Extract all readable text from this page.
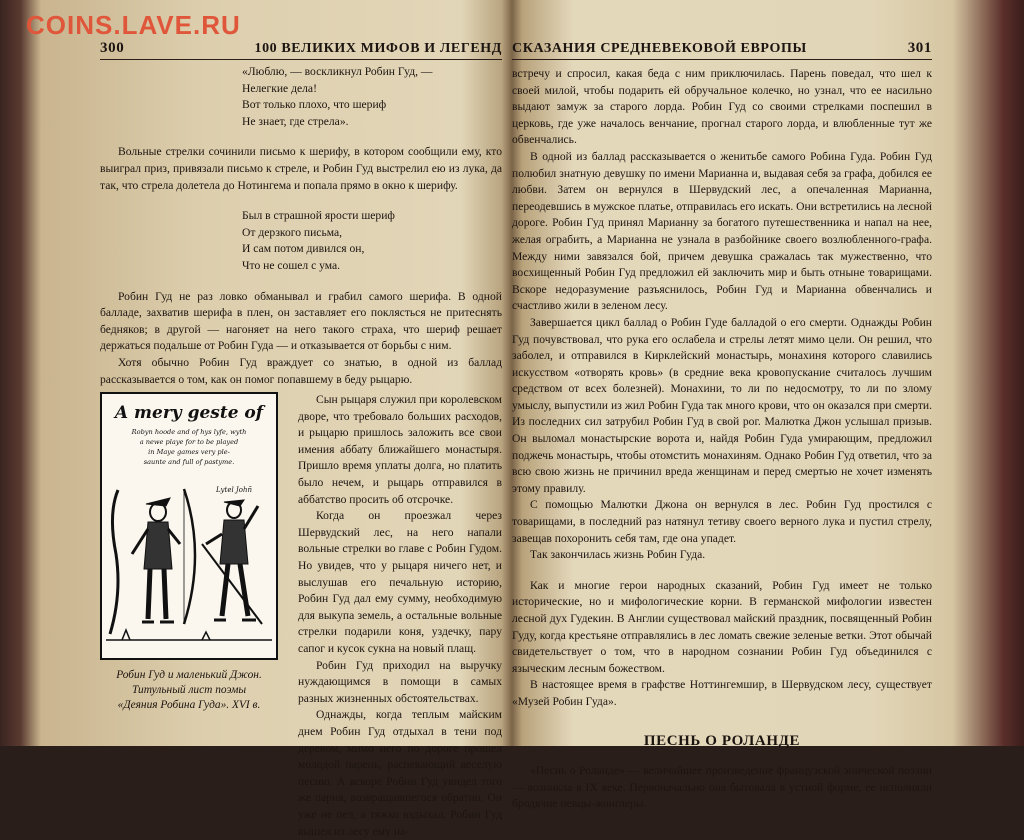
COINS.LAVE.RU
300	100 ВЕЛИКИХ МИФОВ И ЛЕГЕНД
«Люблю, — воскликнул Робин Гуд, —
Нелегкие дела!
Вот только плохо, что шериф
Не знает, где стрела».

Вольные стрелки сочинили письмо к шерифу, в котором сообщили ему, кто выиграл приз, привязали письмо к стреле, и Робин Гуд выстрелил ею из лука, да так, что стрела долетела до Нотингема и попала прямо в окно к шерифу.

Был в страшной ярости шериф
От дерзкого письма,
И сам потом дивился он,
Что не сошел с ума.

Робин Гуд не раз ловко обманывал и грабил самого шерифа. В одной балладе, захватив шерифа в плен, он заставляет его поклясться не притеснять бедняков; в другой — нагоняет на него такого страха, что шериф решает держаться подальше от Робин Гуда — и отказывается от борьбы с ним.

Хотя обычно Робин Гуд враждует со знатью, в одной из баллад рассказывается о том, как он помог попавшему в беду рыцарю.

A mery geste of
Robyn hoode and of hys lyfe, wyth
a newe playe for to be played
in Maye games very ple-
saunte and full of pastyme.
Lytel Johñ
Робин Гуд и маленький Джон.
Титульный лист поэмы
«Деяния Робина Гуда». XVI в.

Сын рыцаря служил при королевском дворе, что требовало больших расходов, и рыцарю пришлось заложить все свои имения аббату ближайшего монастыря. Пришло время уплаты долга, но платить было нечем, и рыцарь отправился в аббатство просить об отсрочке.

Когда он проезжал через Шервудский лес, на него напали вольные стрелки во главе с Робин Гудом. Но увидев, что у рыцаря ничего нет, и выслушав его печальную историю, Робин Гуд дал ему сумму, необходимую для выкупа земель, а остальные вольные стрелки подарили коня, уздечку, пару сапог и кусок сукна на новый плащ.

Робин Гуд приходил на выручку нуждающимся в помощи в самых разных жизненных обстоятельствах.

Однажды, когда теплым майским днем Робин Гуд отдыхал в тени под деревом, мимо него по дороге прошел молодой парень, распевающий веселую песню. А вскоре Робин Гуд увидел того же парня, возвращавшегося обратно. Он уже не пел, а тяжко вздыхал. Робин Гуд вышел из лесу ему на-

СКАЗАНИЯ СРЕДНЕВЕКОВОЙ ЕВРОПЫ	301

встречу и спросил, какая беда с ним приключилась. Парень поведал, что шел к своей милой, чтобы подарить ей обручальное колечко, но узнал, что ее насильно выдают замуж за старого лорда. Робин Гуд со своими стрелками поспешил в церковь, где уже началось венчание, прогнал старого лорда, и влюбленные тут же обвенчались.

В одной из баллад рассказывается о женитьбе самого Робина Гуда. Робин Гуд полюбил знатную девушку по имени Марианна и, выдавая себя за графа, добился ее любви. Затем он вернулся в Шервудский лес, а опечаленная Марианна, переодевшись в мужское платье, отправилась его искать. Они встретились на лесной дороге. Робин Гуд принял Марианну за богатого путешественника и напал на нее, желая ограбить, а Марианна не узнала в разбойнике своего возлюбленного-графа. Между ними завязался бой, причем девушка сражалась так мужественно, что восхищенный Робин Гуд предложил ей заключить мир и быть отныне товарищами. Вскоре недоразумение разъяснилось, Робин Гуд и Марианна обвенчались и счастливо жили в зеленом лесу.

Завершается цикл баллад о Робин Гуде балладой о его смерти. Однажды Робин Гуд почувствовал, что рука его ослабела и стрелы летят мимо цели. Он решил, что заболел, и отправился в Кирклейский монастырь, монахиня которого славились искусством «отворять кровь» (в средние века кровопускание считалось лучшим средством от всех болезней). Монахини, то ли по недосмотру, то ли по злому умыслу, выпустили из жил Робин Гуда так много крови, что он оказался при смерти. Из последних сил затрубил Робин Гуд в свой рог. Малютка Джон услышал призыв. Он выломал монастырские ворота и, найдя Робин Гуда умирающим, предложил поджечь монастырь, чтобы отомстить монахиням. Однако Робин Гуд ответил, что за всю свою жизнь не причинил вреда женщинам и перед смертью не хочет изменять этому правилу.

С помощью Малютки Джона он вернулся в лес. Робин Гуд простился с товарищами, в последний раз натянул тетиву своего верного лука и пустил стрелу, завещав похоронить себя там, где она упадет.

Так закончилась жизнь Робин Гуда.

Как и многие герои народных сказаний, Робин Гуд имеет не только исторические, но и мифологические корни. В германской мифологии известен лесной дух Гудекин. В Англии существовал майский праздник, посвященный Робин Гуду, когда крестьяне отправлялись в лес ломать свежие зеленые ветки. Этот обычай свидетельствует о том, что в народном сознании Робин Гуд объединился с языческим лесным божеством.

В настоящее время в графстве Ноттингемшир, в Шервудском лесу, существует «Музей Робин Гуда».

ПЕСНЬ О РОЛАНДЕ

«Песнь о Роланде» — величайшее произведение французской эпической поэзии — возникла в IX веке. Первоначально она бытовала в устной форме, ее исполняли бродячие певцы-жонглеры.
